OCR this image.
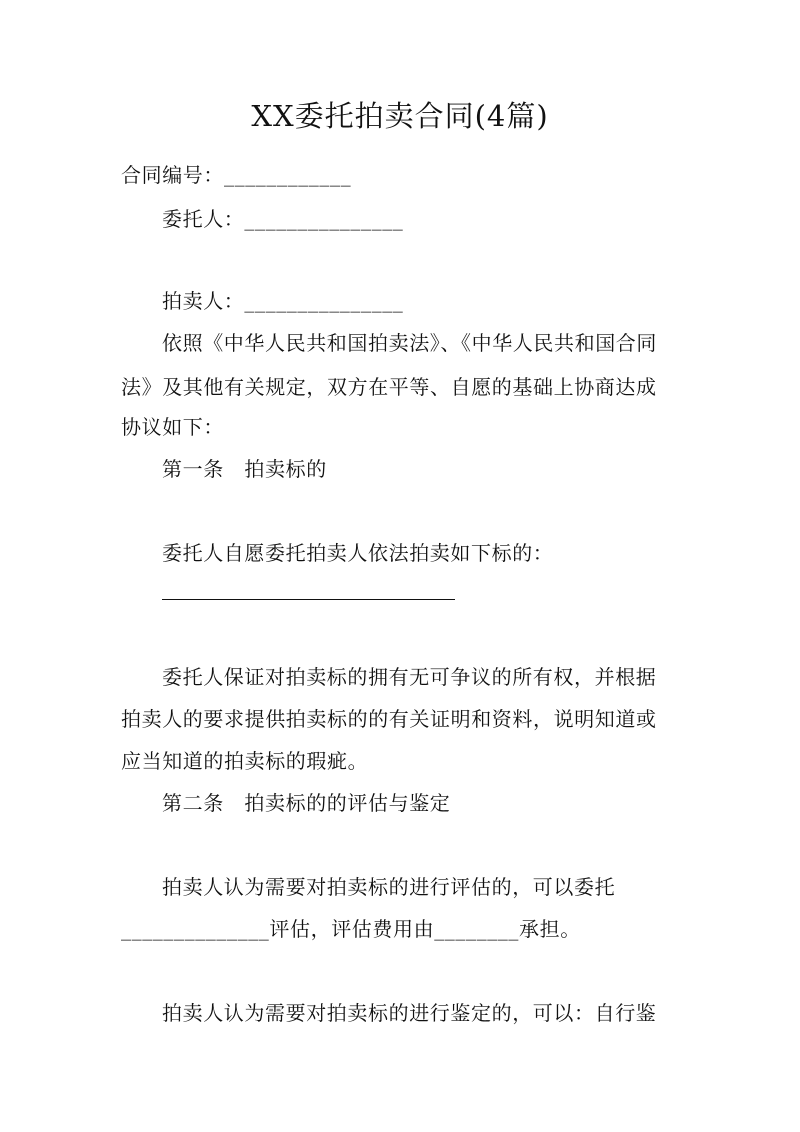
XX委托拍卖合同(4篇)
合同编号：____________
委托人：_______________
拍卖人：_______________
依照《中华人民共和国拍卖法》、《中华人民共和国合同
法》及其他有关规定，双方在平等、自愿的基础上协商达成
协议如下：
第一条　拍卖标的
委托人自愿委托拍卖人依法拍卖如下标的：
委托人保证对拍卖标的拥有无可争议的所有权，并根据
拍卖人的要求提供拍卖标的的有关证明和资料，说明知道或
应当知道的拍卖标的瑕疵。
第二条　拍卖标的的评估与鉴定
拍卖人认为需要对拍卖标的进行评估的，可以委托
______________评估，评估费用由________承担。
拍卖人认为需要对拍卖标的进行鉴定的，可以：自行鉴
